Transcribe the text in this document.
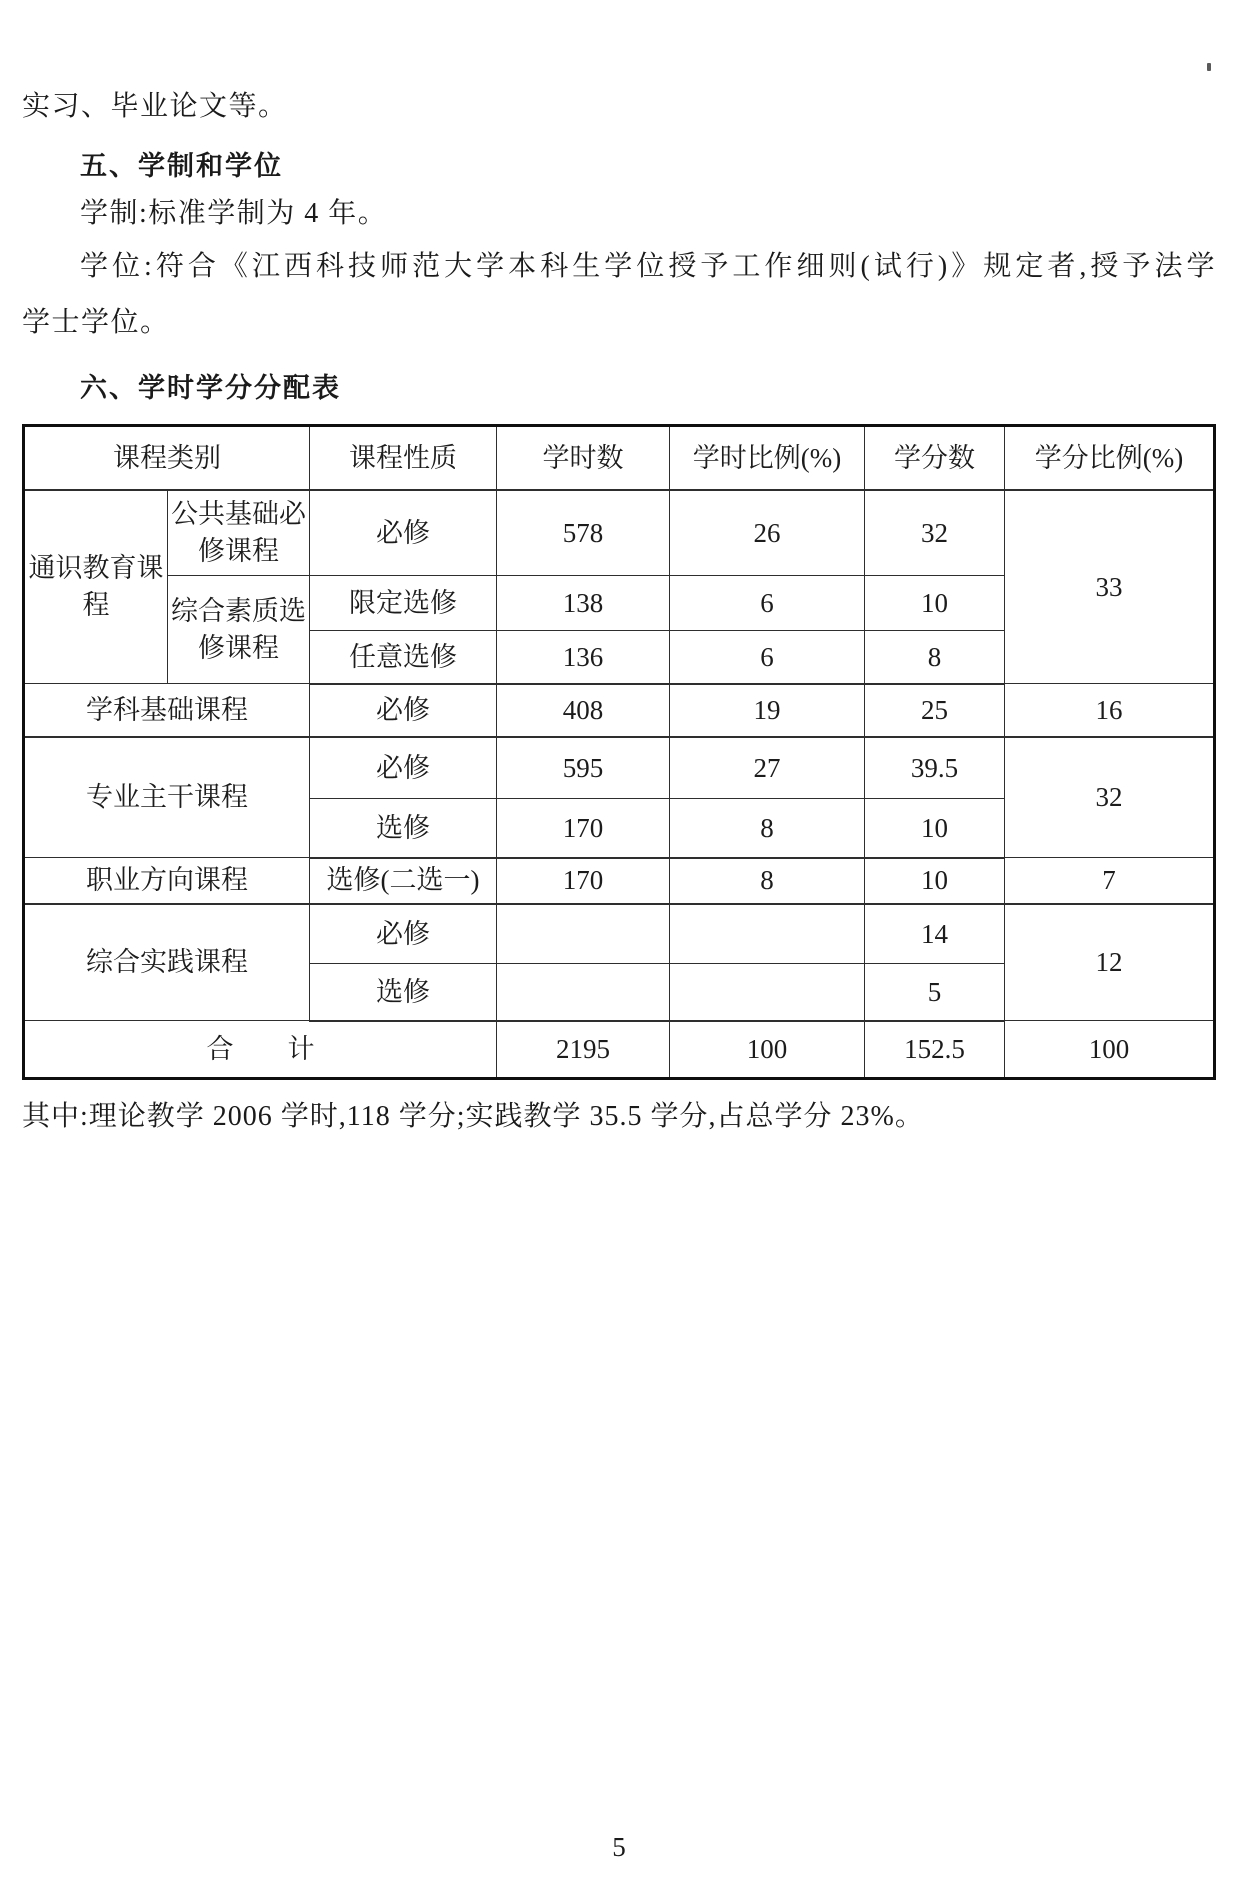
实习、毕业论文等。
五、学制和学位
学制:标准学制为 4 年。
学位:符合《江西科技师范大学本科生学位授予工作细则(试行)》规定者,授予法学
学士学位。
六、学时学分分配表
课程类别		课程性质	学时数	学时比例(%)	学分数	学分比例(%)
通识教育课程	公共基础必修课程	必修	578	26	32	33
	综合素质选修课程	限定选修	138	6	10	
		任意选修	136	6	8	
学科基础课程		必修	408	19	25	16
专业主干课程		必修	595	27	39.5	32
		选修	170	8	10	
职业方向课程		选修(二选一)	170	8	10	7
综合实践课程		必修			14	12
		选修			5	
合　　计			2195	100	152.5	100
其中:理论教学 2006 学时,118 学分;实践教学 35.5 学分,占总学分 23%。
5
